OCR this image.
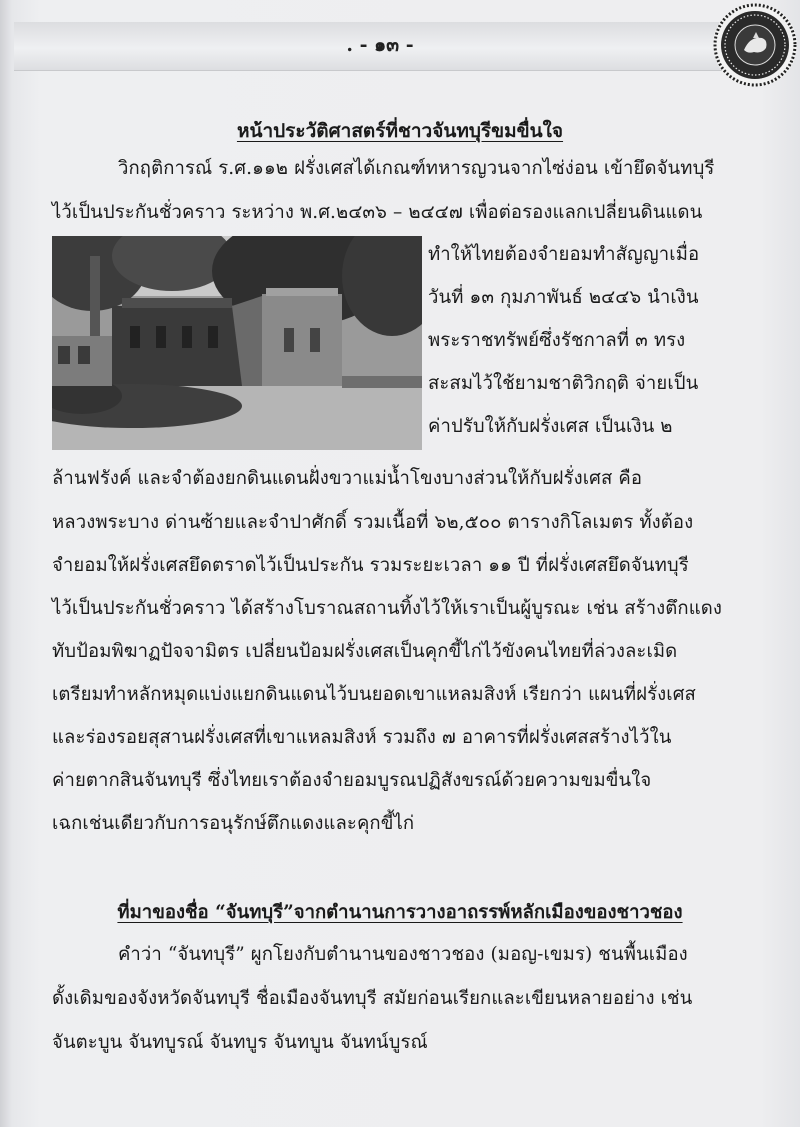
. - ๑๓ -
หน้าประวัติศาสตร์ที่ชาวจันทบุรีขมขื่นใจ
วิกฤติการณ์ ร.ศ.๑๑๒ ฝรั่งเศสได้เกณฑ์ทหารญวนจากไซ่ง่อน เข้ายึดจันทบุรี
ไว้เป็นประกันชั่วคราว ระหว่าง พ.ศ.๒๔๓๖ – ๒๔๔๗ เพื่อต่อรองแลกเปลี่ยนดินแดน
ทำให้ไทยต้องจำยอมทำสัญญาเมื่อ
วันที่ ๑๓ กุมภาพันธ์ ๒๔๔๖ นำเงิน
พระราชทรัพย์ซึ่งรัชกาลที่ ๓ ทรง
สะสมไว้ใช้ยามชาติวิกฤติ จ่ายเป็น
ค่าปรับให้กับฝรั่งเศส เป็นเงิน ๒
ล้านฟรังค์ และจำต้องยกดินแดนฝั่งขวาแม่น้ำโขงบางส่วนให้กับฝรั่งเศส คือ
หลวงพระบาง ด่านซ้ายและจำปาศักดิ์ รวมเนื้อที่ ๖๒,๕๐๐ ตารางกิโลเมตร ทั้งต้อง
จำยอมให้ฝรั่งเศสยึดตราดไว้เป็นประกัน รวมระยะเวลา ๑๑ ปี ที่ฝรั่งเศสยึดจันทบุรี
ไว้เป็นประกันชั่วคราว ได้สร้างโบราณสถานทิ้งไว้ให้เราเป็นผู้บูรณะ เช่น สร้างตึกแดง
ทับป้อมพิฆาฏปัจจามิตร เปลี่ยนป้อมฝรั่งเศสเป็นคุกขี้ไก่ไว้ขังคนไทยที่ล่วงละเมิด
เตรียมทำหลักหมุดแบ่งแยกดินแดนไว้บนยอดเขาแหลมสิงห์ เรียกว่า แผนที่ฝรั่งเศส
และร่องรอยสุสานฝรั่งเศสที่เขาแหลมสิงห์ รวมถึง ๗ อาคารที่ฝรั่งเศสสร้างไว้ใน
ค่ายตากสินจันทบุรี ซึ่งไทยเราต้องจำยอมบูรณปฏิสังขรณ์ด้วยความขมขื่นใจ
เฉกเช่นเดียวกับการอนุรักษ์ตึกแดงและคุกขี้ไก่
ที่มาของชื่อ “จันทบุรี”จากตำนานการวางอาถรรพ์หลักเมืองของชาวชอง
คำว่า “จันทบุรี” ผูกโยงกับตำนานของชาวชอง (มอญ-เขมร) ชนพื้นเมือง
ดั้งเดิมของจังหวัดจันทบุรี ชื่อเมืองจันทบุรี สมัยก่อนเรียกและเขียนหลายอย่าง เช่น
จันตะบูน จันทบูรณ์ จันทบูร จันทบูน จันทน์บูรณ์
